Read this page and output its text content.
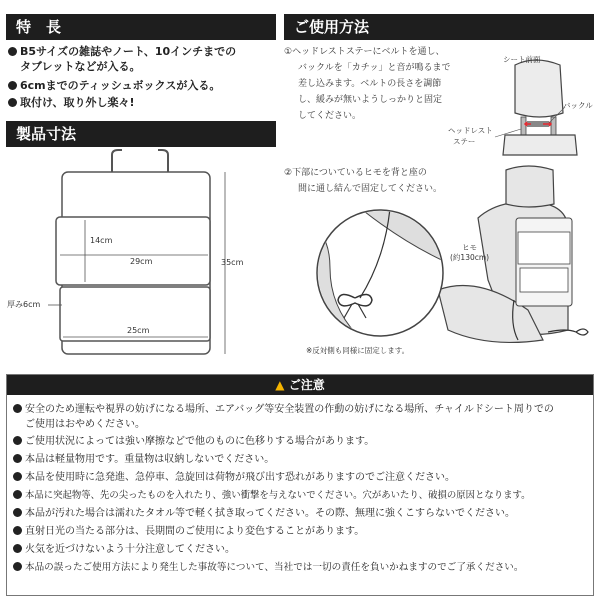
特　長
B5サイズの雑誌やノート、10インチまでの
タブレットなどが入る。
6cmまでのティッシュボックスが入る。
取付け、取り外し楽々!
製品寸法
14cm
29cm	35cm
厚み6cm
25cm
ご使用方法
①ヘッドレストステーにベルトを通し、
バックルを「カチッ」と音が鳴るまで
差し込みます。ベルトの長さを調節
し、緩みが無いようしっかりと固定
してください。
シート前面
バックル
ヘッドレスト
ステー
②下部についているヒモを背と座の
間に通し結んで固定してください。
ヒモ
(約130cm)
※反対側も同様に固定します。
▲ ご注意
安全のため運転や視界の妨げになる場所、エアバッグ等安全装置の作動の妨げになる場所、チャイルドシート周りでの
ご使用はおやめください。
ご使用状況によっては強い摩擦などで他のものに色移りする場合があります。
本品は軽量物用です。重量物は収納しないでください。
本品を使用時に急発進、急停車、急旋回は荷物が飛び出す恐れがありますのでご注意ください。
本品に突起物等、先の尖ったものを入れたり、強い衝撃を与えないでください。穴があいたり、破損の原因となります。
本品が汚れた場合は濡れたタオル等で軽く拭き取ってください。その際、無理に強くこすらないでください。
直射日光の当たる部分は、長期間のご使用により変色することがあります。
火気を近づけないよう十分注意してください。
本品の誤ったご使用方法により発生した事故等について、当社では一切の責任を負いかねますのでご了承ください。
